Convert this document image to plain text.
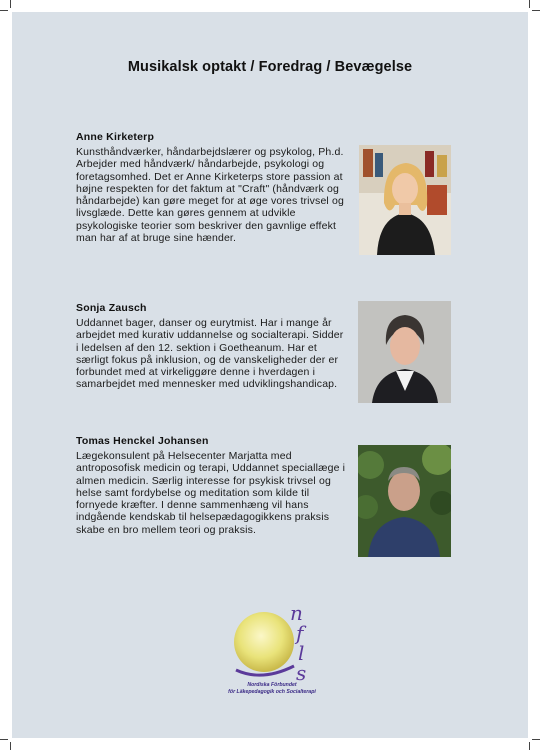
Musikalsk optakt / Foredrag / Bevægelse
Anne Kirketerp
Kunsthåndværker, håndarbejdslærer og psykolog, Ph.d. Arbejder med håndværk/ håndarbejde, psykologi og foretagsomhed. Det er Anne Kirketerps store passion at højne respekten for det faktum at "Craft" (håndværk og håndarbejde) kan gøre meget for at øge vores trivsel og livsglæde. Dette kan gøres gennem at udvikle psykologiske teorier som beskriver den gavnlige effekt man har af at bruge sine hænder.
Sonja Zausch
Uddannet bager, danser og eurytmist. Har i mange år arbejdet med kurativ uddannelse og socialterapi. Sidder i ledelsen af den 12. sektion i Goetheanum. Har et særligt fokus på inklusion, og de vanskeligheder der er forbundet med at virkeliggøre denne i hverdagen i samarbejdet med mennesker med udviklingshandicap.
Tomas Henckel Johansen
Lægekonsulent på Helsecenter Marjatta med antroposofisk medicin og terapi, Uddannet speciallæge i almen medicin. Særlig interesse for psykisk trivsel og helse samt fordybelse og meditation som kilde til fornyede kræfter. I denne sammenhæng vil hans indgående kendskab til helsepædagogikkens praksis skabe en bro mellem teori og praksis.
n
f
l
s
Nordiska Förbundet
för Läkepedagogik och Socialterapi
